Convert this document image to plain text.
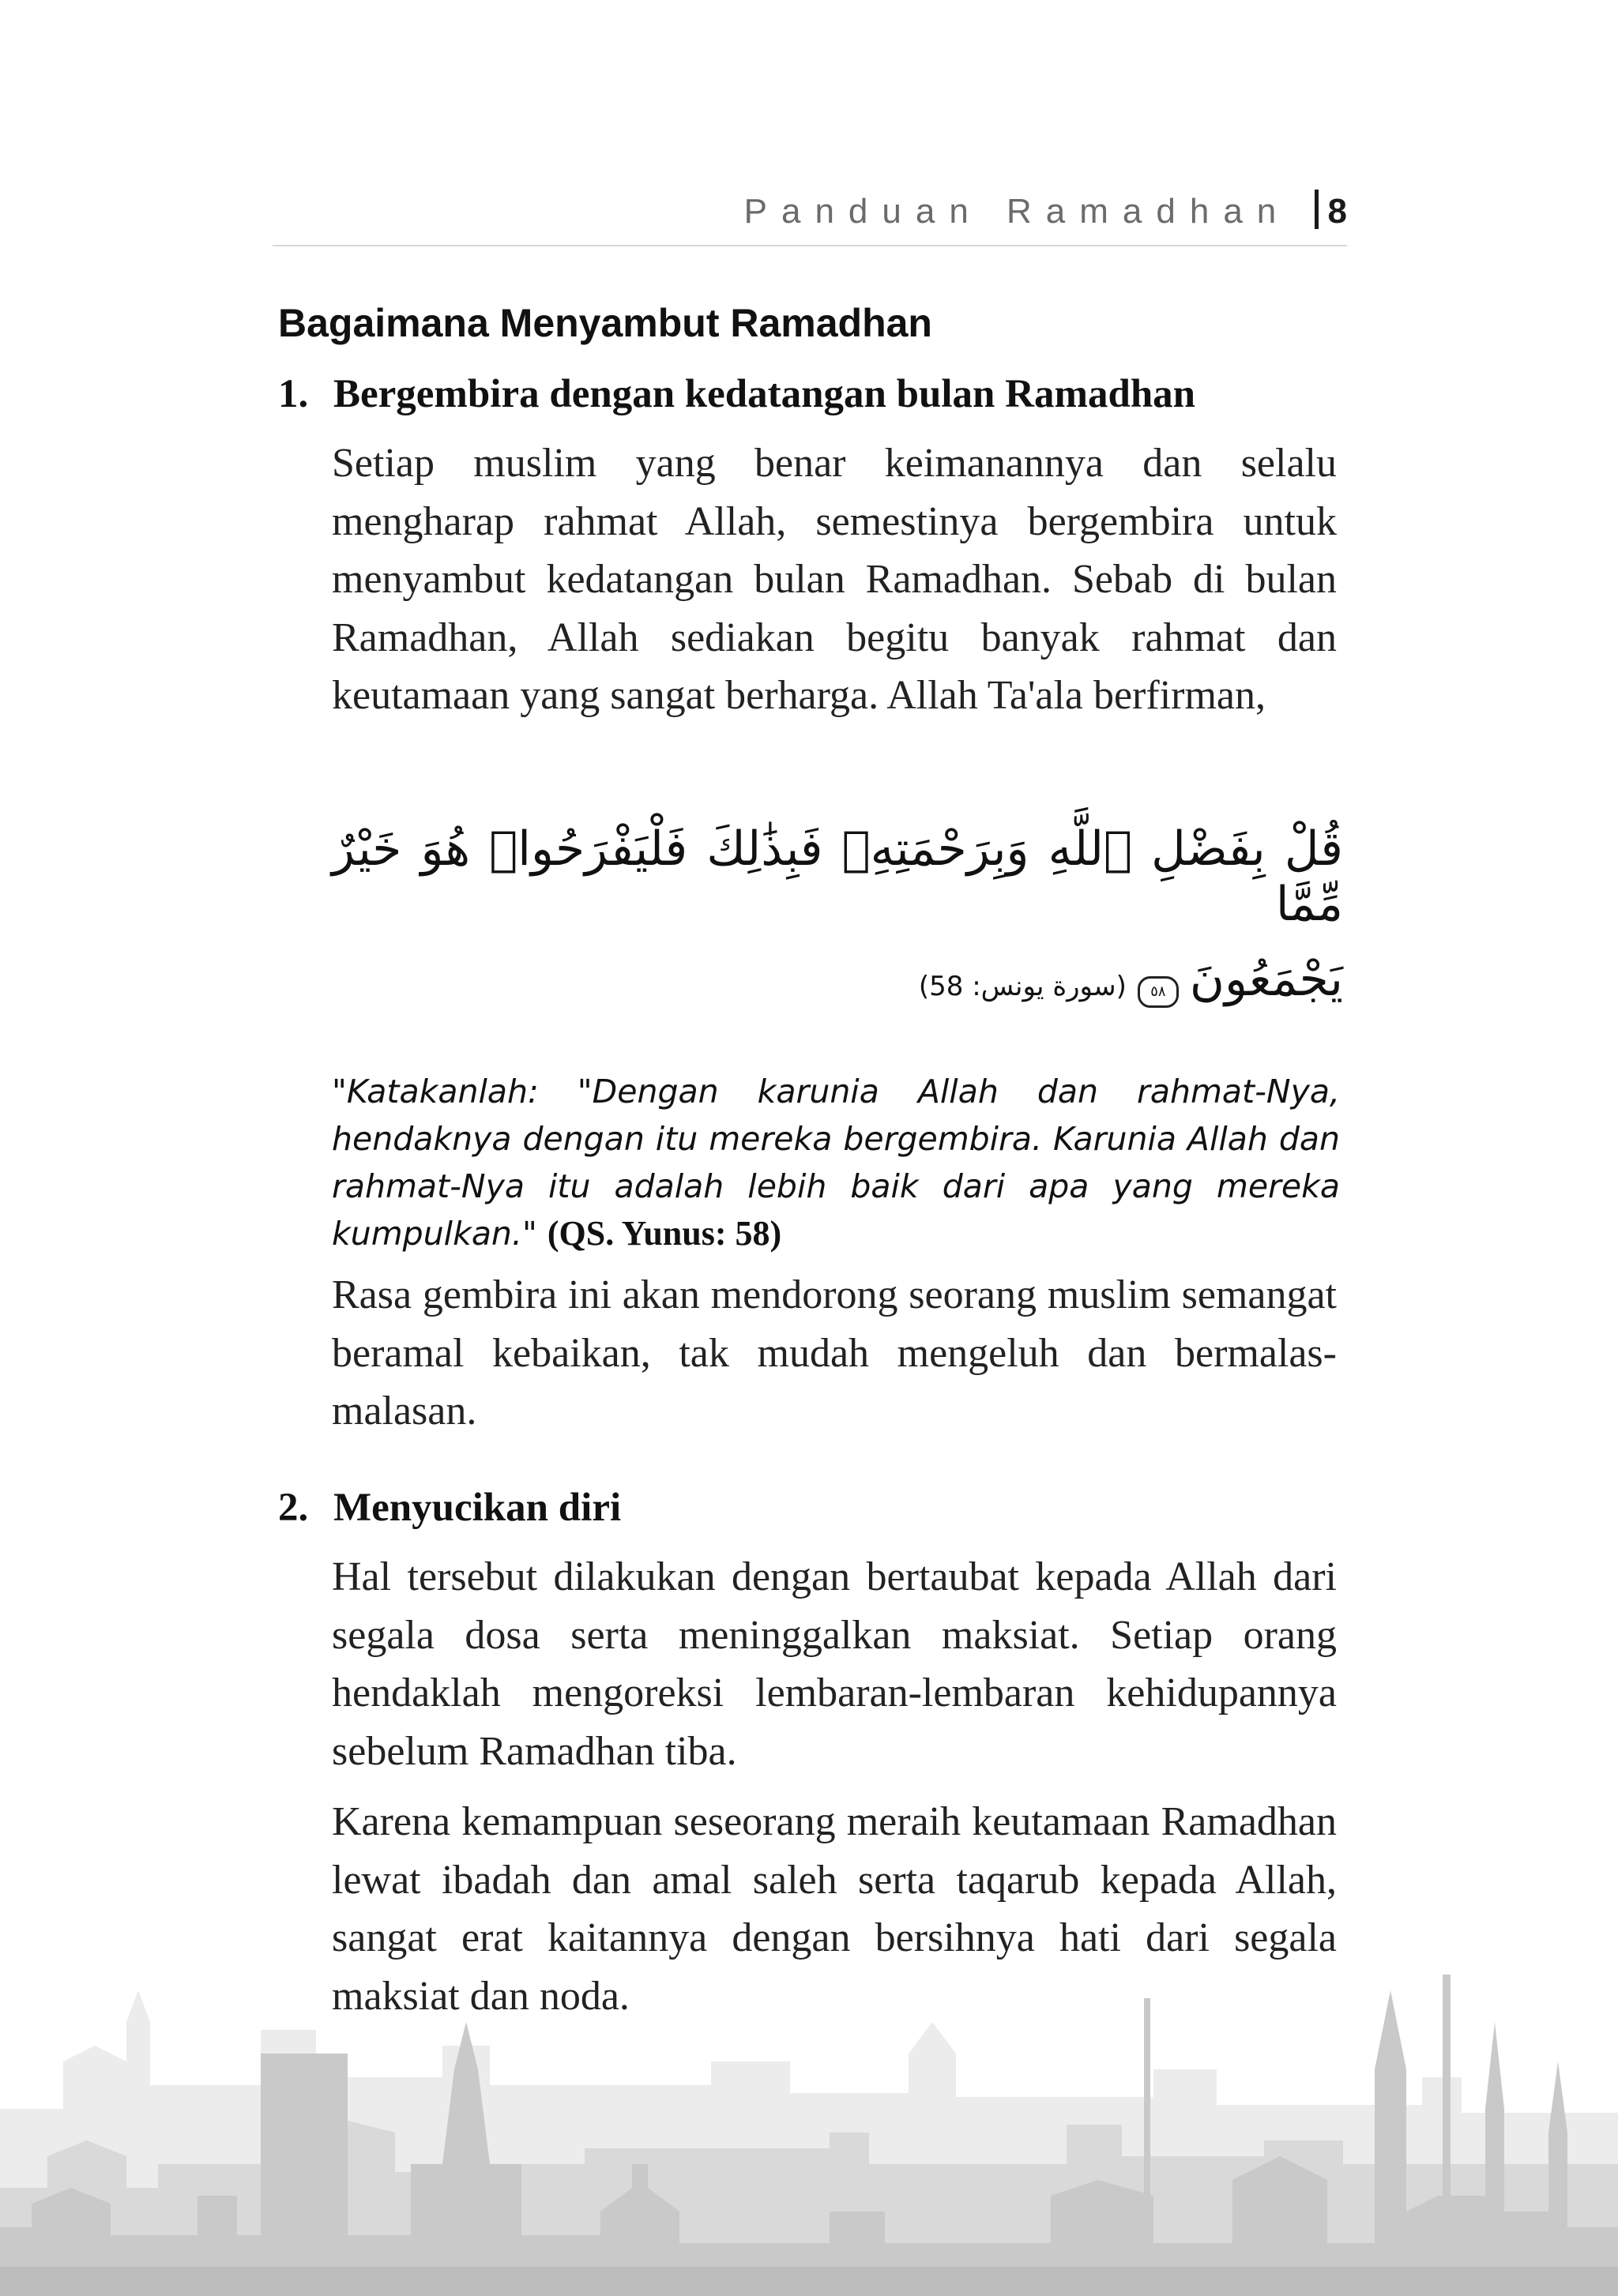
Panduan Ramadhan 8
Bagaimana Menyambut Ramadhan
1. Bergembira dengan kedatangan bulan Ramadhan

Setiap muslim yang benar keimanannya dan selalu mengharap rahmat Allah, semestinya bergembira untuk menyambut kedatangan bulan Ramadhan. Sebab di bulan Ramadhan, Allah sediakan begitu banyak rahmat dan keutamaan yang sangat berharga. Allah Ta'ala berfirman,

قُلْ بِفَضْلِ ٱللَّهِ وَبِرَحْمَتِهِۦ فَبِذَٰلِكَ فَلْيَفْرَحُوا۟ هُوَ خَيْرٌ مِّمَّا
يَجْمَعُونَ٥٨(سورة يونس: 58)

"Katakanlah: "Dengan karunia Allah dan rahmat-Nya, hendaknya dengan itu mereka bergembira. Karunia Allah dan rahmat-Nya itu adalah lebih baik dari apa yang mereka kumpulkan." (QS. Yunus: 58)

Rasa gembira ini akan mendorong seorang muslim semangat beramal kebaikan, tak mudah mengeluh dan bermalas-malasan.

2. Menyucikan diri

Hal tersebut dilakukan dengan bertaubat kepada Allah dari segala dosa serta meninggalkan maksiat. Setiap orang hendaklah mengoreksi lembaran-lembaran kehidupannya sebelum Ramadhan tiba.

Karena kemampuan seseorang meraih keutamaan Ramadhan lewat ibadah dan amal saleh serta taqarub kepada Allah, sangat erat kaitannya dengan bersihnya hati dari segala maksiat dan noda.
